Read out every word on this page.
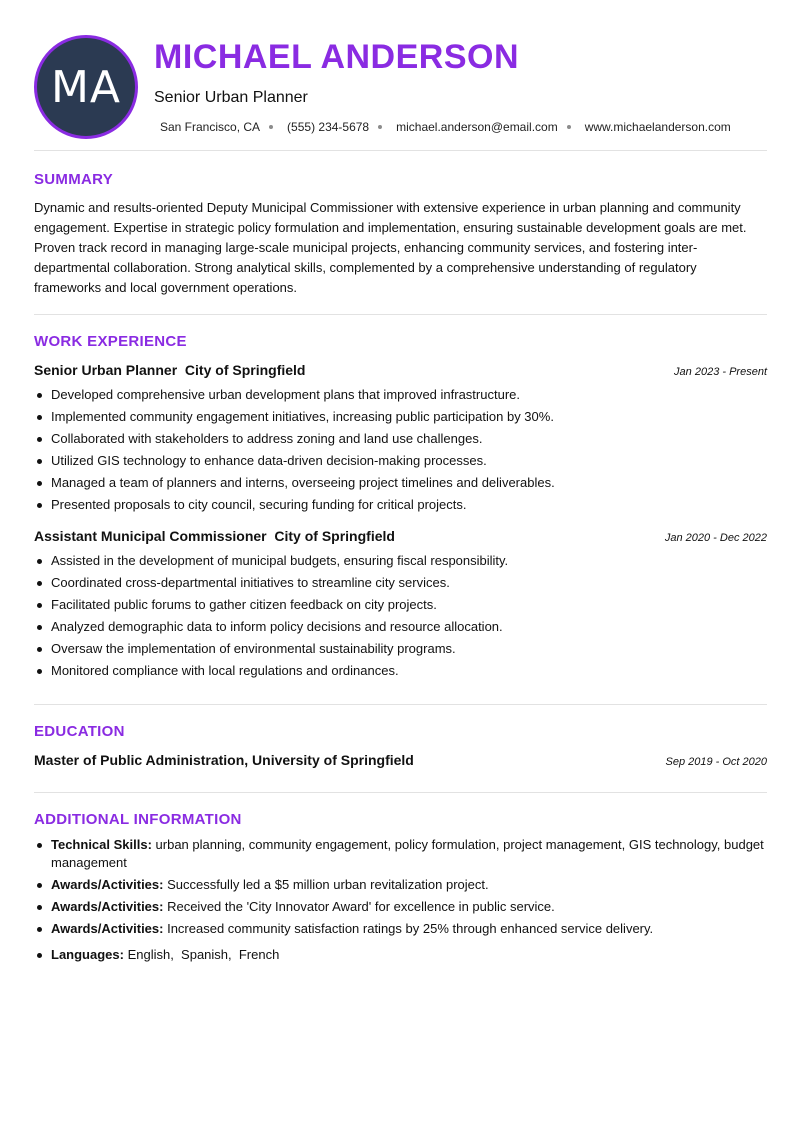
MA
MICHAEL ANDERSON
Senior Urban Planner
San Francisco, CA (555) 234-5678 michael.anderson@email.com www.michaelanderson.com
SUMMARY

Dynamic and results-oriented Deputy Municipal Commissioner with extensive experience in urban planning and community engagement. Expertise in strategic policy formulation and implementation, ensuring sustainable development goals are met. Proven track record in managing large-scale municipal projects, enhancing community services, and fostering inter-departmental collaboration. Strong analytical skills, complemented by a comprehensive understanding of regulatory frameworks and local government operations.

WORK EXPERIENCE
Senior Urban Planner  City of Springfield	Jan 2023 - Present
Developed comprehensive urban development plans that improved infrastructure.
Implemented community engagement initiatives, increasing public participation by 30%.
Collaborated with stakeholders to address zoning and land use challenges.
Utilized GIS technology to enhance data-driven decision-making processes.
Managed a team of planners and interns, overseeing project timelines and deliverables.
Presented proposals to city council, securing funding for critical projects.
Assistant Municipal Commissioner  City of Springfield	Jan 2020 - Dec 2022
Assisted in the development of municipal budgets, ensuring fiscal responsibility.
Coordinated cross-departmental initiatives to streamline city services.
Facilitated public forums to gather citizen feedback on city projects.
Analyzed demographic data to inform policy decisions and resource allocation.
Oversaw the implementation of environmental sustainability programs.
Monitored compliance with local regulations and ordinances.
EDUCATION
Master of Public Administration, University of Springfield	Sep 2019 - Oct 2020
ADDITIONAL INFORMATION
Technical Skills: urban planning, community engagement, policy formulation, project management, GIS technology, budget management
Awards/Activities: Successfully led a $5 million urban revitalization project.
Awards/Activities: Received the 'City Innovator Award' for excellence in public service.
Awards/Activities: Increased community satisfaction ratings by 25% through enhanced service delivery.
Languages: English,  Spanish,  French
